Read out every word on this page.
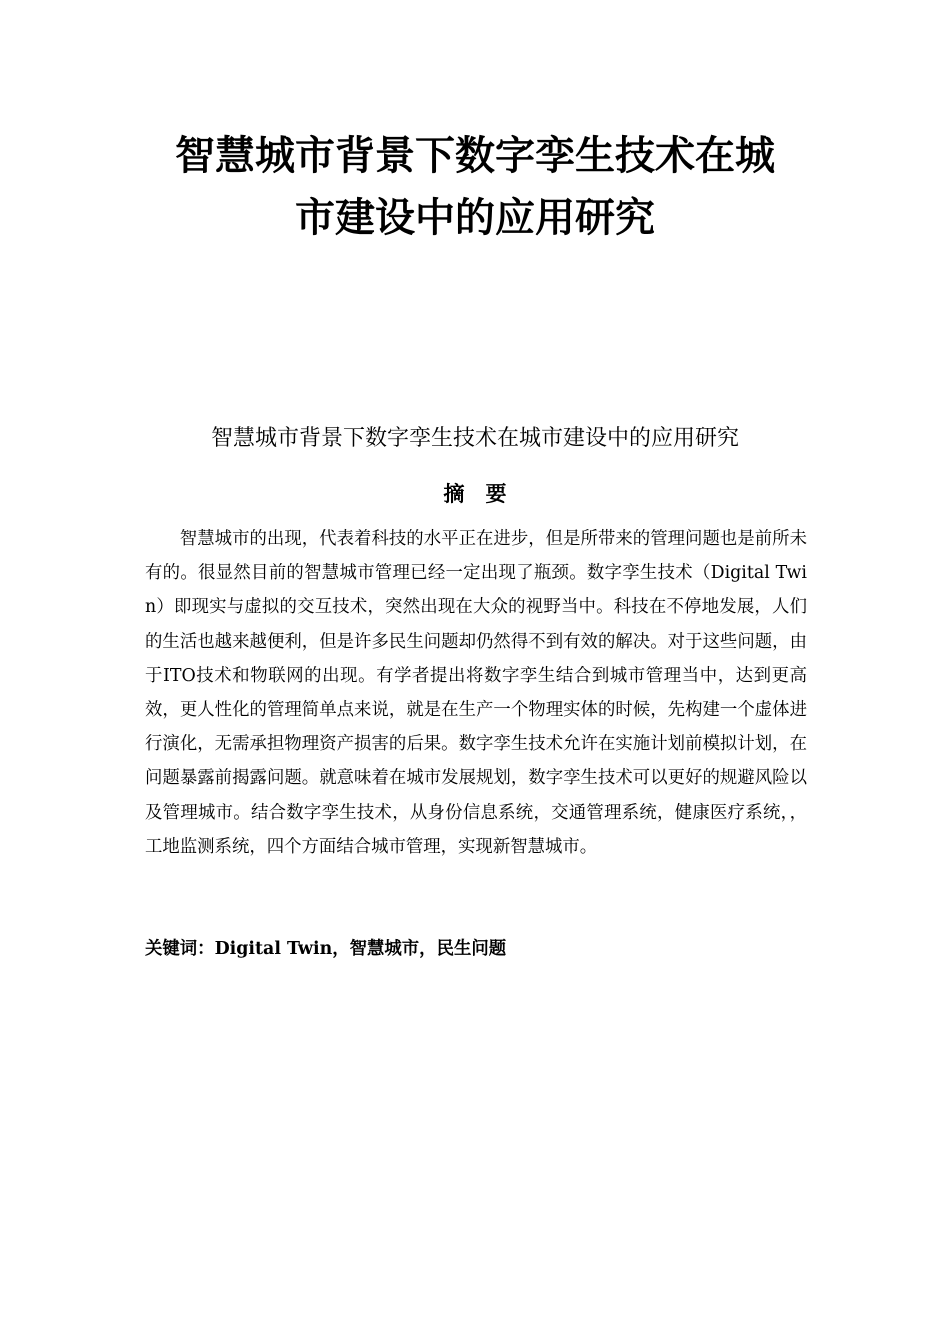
智慧城市背景下数字孪生技术在城
市建设中的应用研究

智慧城市背景下数字孪生技术在城市建设中的应用研究

摘　要

智慧城市的出现，代表着科技的水平正在进步，但是所带来的管理问题也是前所未有的。很显然目前的智慧城市管理已经一定出现了瓶颈。数字孪生技术（Digital Twin）即现实与虚拟的交互技术，突然出现在大众的视野当中。科技在不停地发展，人们的生活也越来越便利，但是许多民生问题却仍然得不到有效的解决。对于这些问题，由于ITO技术和物联网的出现。有学者提出将数字孪生结合到城市管理当中，达到更高效，更人性化的管理简单点来说，就是在生产一个物理实体的时候，先构建一个虚体进行演化，无需承担物理资产损害的后果。数字孪生技术允许在实施计划前模拟计划，在问题暴露前揭露问题。就意味着在城市发展规划，数字孪生技术可以更好的规避风险以及管理城市。结合数字孪生技术，从身份信息系统，交通管理系统，健康医疗系统，，工地监测系统，四个方面结合城市管理，实现新智慧城市。

关键词：Digital Twin，智慧城市，民生问题
